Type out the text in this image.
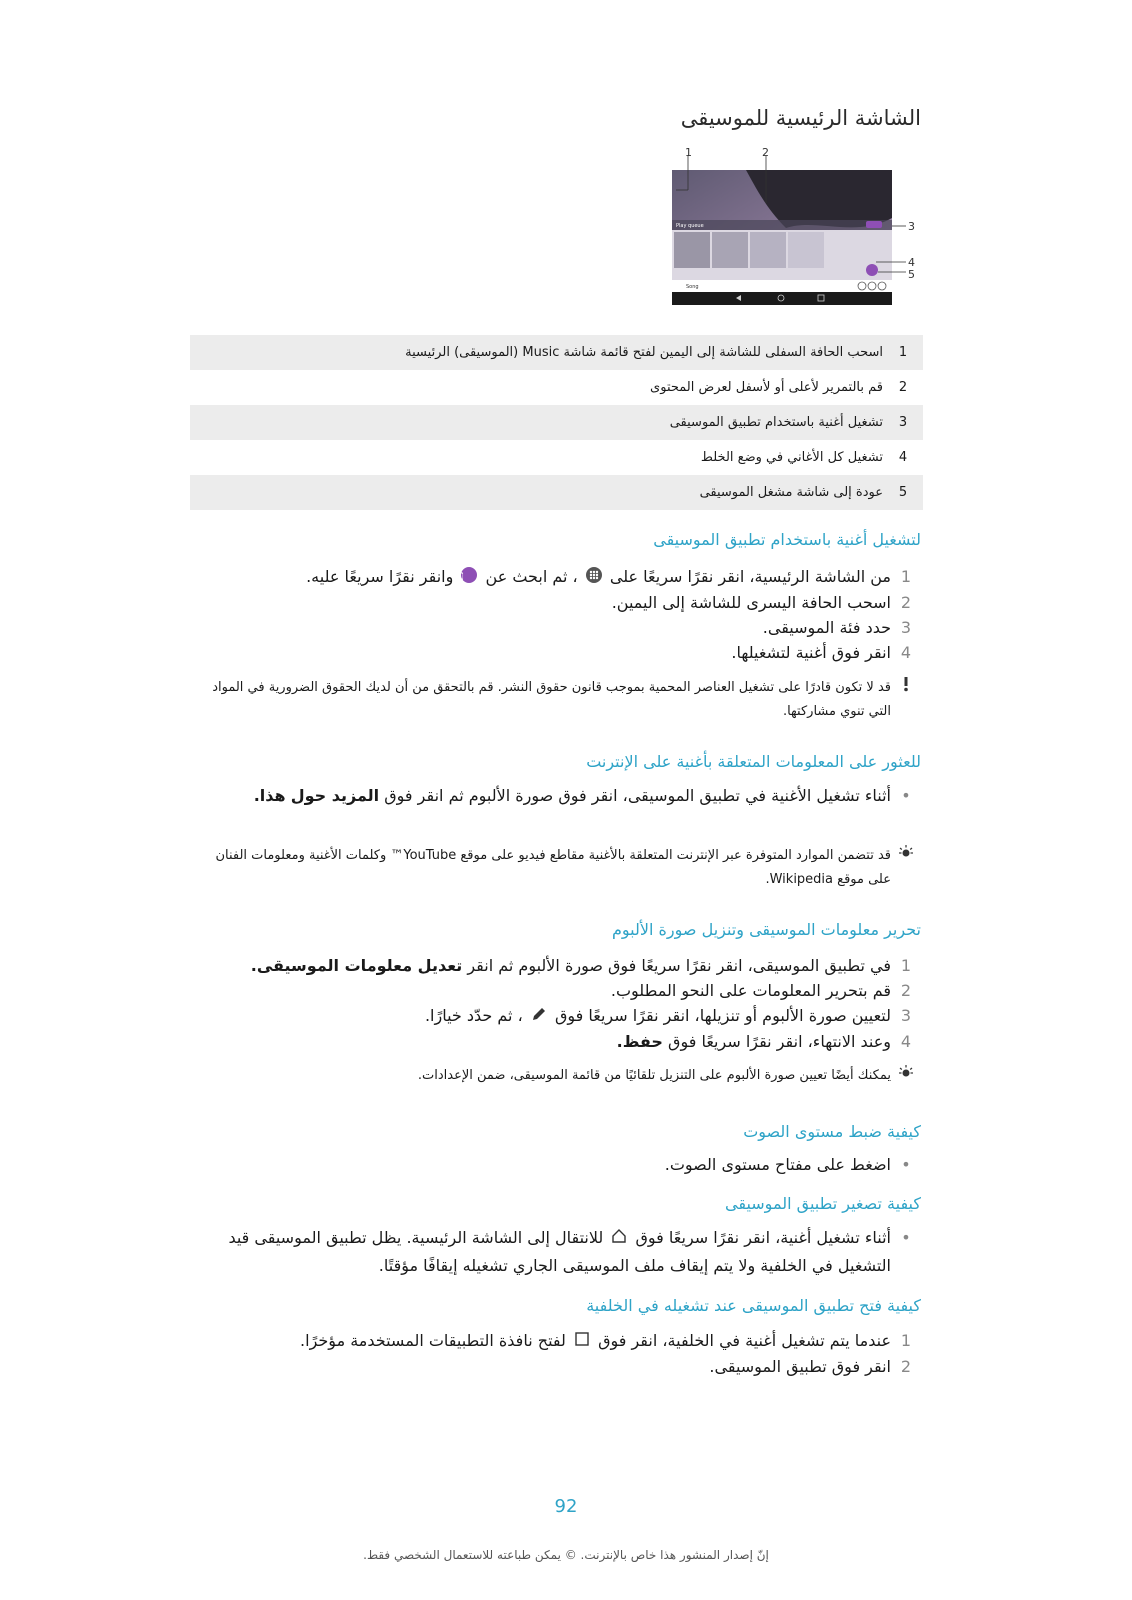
الشاشة الرئيسية للموسيقى
Play queue
Song
1	2
3
4
5
1	اسحب الحافة السفلى للشاشة إلى اليمين لفتح قائمة شاشة Music (الموسيقى) الرئيسية
2	قم بالتمرير لأعلى أو لأسفل لعرض المحتوى
3	تشغيل أغنية باستخدام تطبيق الموسيقى
4	تشغيل كل الأغاني في وضع الخلط
5	عودة إلى شاشة مشغل الموسيقى
لتشغيل أغنية باستخدام تطبيق الموسيقى
1
من الشاشة الرئيسية، انقر نقرًا سريعًا على  ، ثم ابحث عن
♫
وانقر نقرًا سريعًا عليه.
2
اسحب الحافة اليسرى للشاشة إلى اليمين.
3
حدد فئة الموسيقى.
4
انقر فوق أغنية لتشغيلها.
قد لا تكون قادرًا على تشغيل العناصر المحمية بموجب قانون حقوق النشر. قم بالتحقق من أن لديك الحقوق الضرورية في المواد التي تنوي مشاركتها.
للعثور على المعلومات المتعلقة بأغنية على الإنترنت
•
أثناء تشغيل الأغنية في تطبيق الموسيقى، انقر فوق صورة الألبوم ثم انقر فوق المزيد حول هذا.
قد تتضمن الموارد المتوفرة عبر الإنترنت المتعلقة بالأغنية مقاطع فيديو على موقع YouTube™ وكلمات الأغنية ومعلومات الفنان على موقع Wikipedia.
تحرير معلومات الموسيقى وتنزيل صورة الألبوم
1
في تطبيق الموسيقى، انقر نقرًا سريعًا فوق صورة الألبوم ثم انقر تعديل معلومات الموسيقى.
2
قم بتحرير المعلومات على النحو المطلوب.
3
لتعيين صورة الألبوم أو تنزيلها، انقر نقرًا سريعًا فوق  ، ثم حدّد خيارًا.
4
وعند الانتهاء، انقر نقرًا سريعًا فوق حفظ.
يمكنك أيضًا تعيين صورة الألبوم على التنزيل تلقائيًا من قائمة الموسيقى، ضمن الإعدادات.
كيفية ضبط مستوى الصوت
•
اضغط على مفتاح مستوى الصوت.
كيفية تصغير تطبيق الموسيقى
•
أثناء تشغيل أغنية، انقر نقرًا سريعًا فوق  للانتقال إلى الشاشة الرئيسية. يظل تطبيق الموسيقى قيد التشغيل في الخلفية ولا يتم إيقاف ملف الموسيقى الجاري تشغيله إيقافًا مؤقتًا.
كيفية فتح تطبيق الموسيقى عند تشغيله في الخلفية
1
عندما يتم تشغيل أغنية في الخلفية، انقر فوق  لفتح نافذة التطبيقات المستخدمة مؤخرًا.
2
انقر فوق تطبيق الموسيقى.
92
إنّ إصدار المنشور هذا خاص بالإنترنت. © يمكن طباعته للاستعمال الشخصي فقط.
